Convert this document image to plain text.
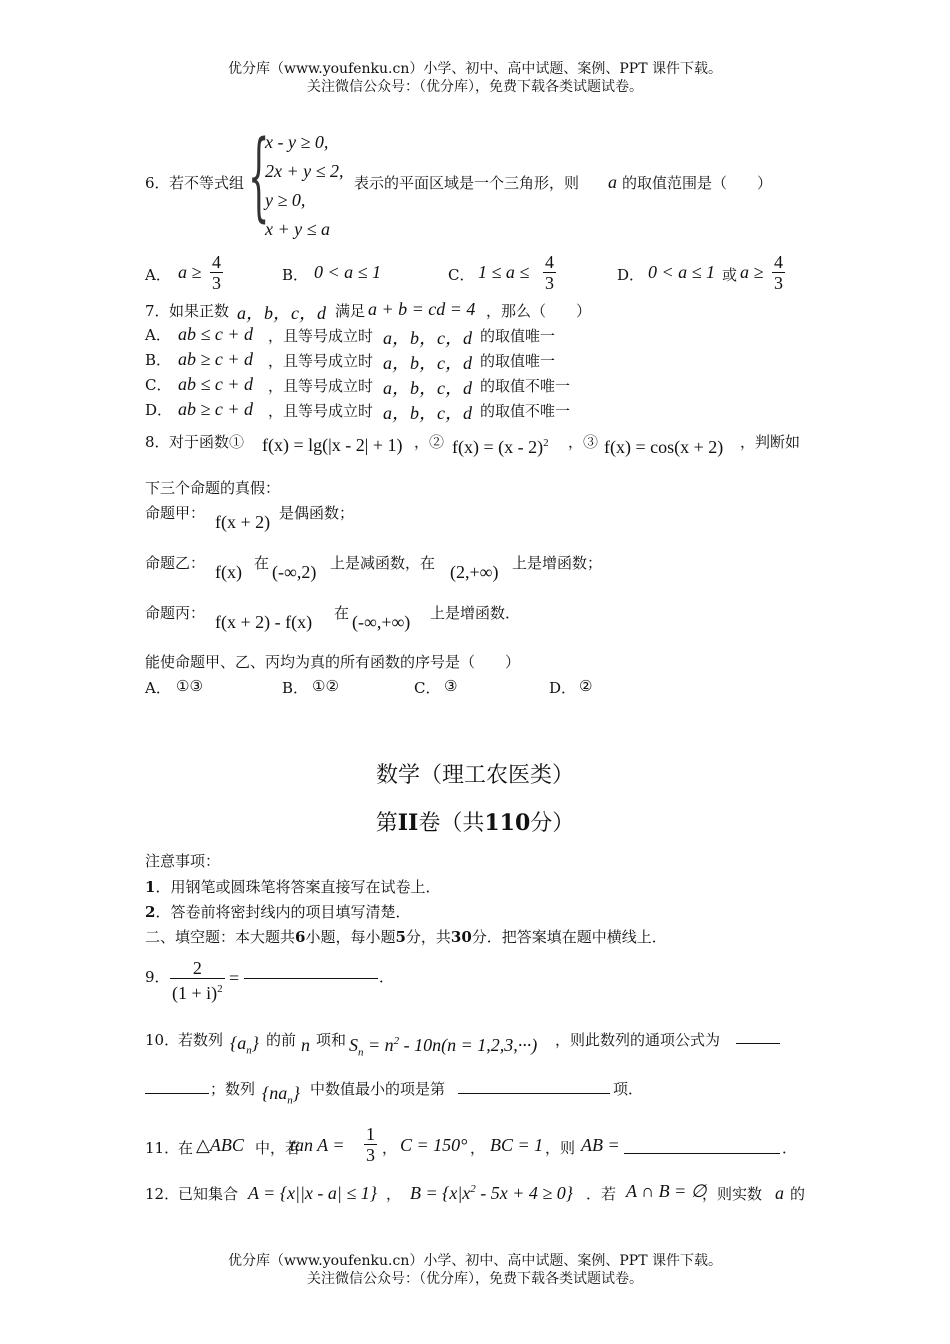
优分库（www.youfenku.cn）小学、初中、高中试题、案例、PPT 课件下载。
关注微信公众号：（优分库），免费下载各类试题试卷。
6． 若不等式组 {
x - y ≥ 0,
2x + y ≤ 2,
y ≥ 0,
x + y ≤ a
表示的平面区域是一个三角形，则 a 的取值范围是（　　）
A． $a \ge \frac{4}{3}$	B． 0 < a ≤ 1	C． $1 \le a \le \frac{4}{3}$	D． 0 < a ≤ 1 或 $a \ge \frac{4}{3}$
7． 如果正数 a，b，c，d 满足 a + b = cd = 4 ，那么（　　）
A． ab ≤ c + d ，且等号成立时 a，b，c，d 的取值唯一
B． ab ≥ c + d ，且等号成立时 a，b，c，d 的取值唯一
C． ab ≤ c + d ，且等号成立时 a，b，c，d 的取值不唯一
D． ab ≥ c + d ，且等号成立时 a，b，c，d 的取值不唯一
8． 对于函数① f(x) = lg(|x - 2| + 1) ，② f(x) = (x - 2)$^2$ ，③ f(x) = cos(x + 2) ，判断如
下三个命题的真假：
命题甲： f(x + 2) 是偶函数；
命题乙： f(x) 在 (-∞,2) 上是减函数，在 (2,+∞) 上是增函数；
命题丙： f(x + 2) - f(x) 在 (-∞,+∞) 上是增函数．
能使命题甲、乙、丙均为真的所有函数的序号是（　　）
A． ①③	B． ①②	C． ③	D． ②
数学（理工农医类）
第II卷（共110分）
注意事项：
1．用钢笔或圆珠笔将答案直接写在试卷上．
2．答卷前将密封线内的项目填写清楚．
二、填空题：本大题共6小题，每小题5分，共30分．把答案填在题中横线上．
9． $\frac{2}{(1 + i)^2}$ =	．
10．
若数列 $\{a_n\}$ 的前 n 项和 $S_n = n^2 - 10n(n = 1,2,3,\cdot\cdot\cdot)$ ，则此数列的通项公式为
；数列 $\{na_n\}$ 中数值最小的项是第	项．
11．
在 △ABC 中，若
$\tan A = \frac{1}{3}$ ， C = 150° ， BC = 1 ，则 AB =	．
12．
已知集合 A = {x||x - a| ≤ 1} ， $B = \{x|x^2 - 5x + 4 \ge 0\}$ ．若 A ∩ B = ∅
，则实数 a 的
优分库（www.youfenku.cn）小学、初中、高中试题、案例、PPT 课件下载。
关注微信公众号：（优分库），免费下载各类试题试卷。
